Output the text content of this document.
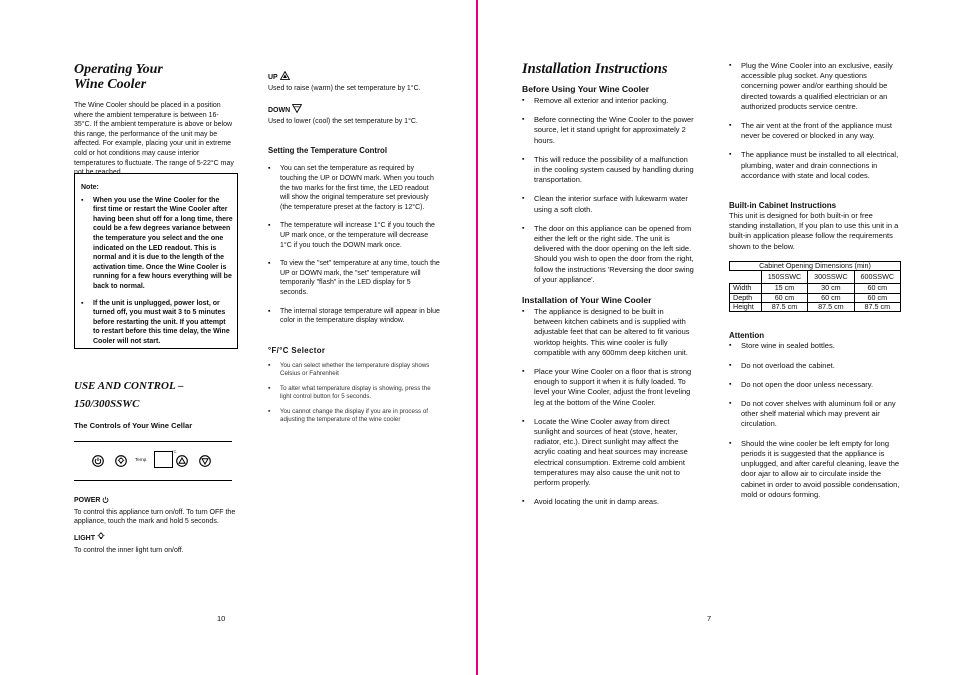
Operating Your
Wine Cooler

The Wine Cooler should be placed in a position where the ambient temperature is between 16-35°C. If the ambient temperature is above or below this range, the performance of the unit may be affected. For example, placing your unit in extreme cold or hot conditions may cause interior temperatures to fluctuate. The range of 5-22°C may not be reached.

Note:

▪ When you use the Wine Cooler for the first time or restart the Wine Cooler after having been shut off for a long time, there could be a few degrees variance between the temperature you select and the one indicated on the LED readout. This is normal and it is due to the length of the activation time. Once the Wine Cooler is running for a few hours everything will be back to normal.
▪ If the unit is unplugged, power lost, or turned off, you must wait 3 to 5 minutes before restarting the unit. If you attempt to restart before this time delay, the Wine Cooler will not start.
USE AND CONTROL –
150/300SSWC

The Controls of Your Wine Cellar

Temp.
°C

POWER

To control this appliance turn on/off. To turn OFF the appliance, touch the mark and hold 5 seconds.

LIGHT

To control the inner light turn on/off.

10

UP

Used to raise (warm) the set temperature by 1°C.

DOWN

Used to lower (cool) the set temperature by 1°C.

Setting the Temperature Control

▪ You can set the temperature as required by touching the UP or DOWN mark. When you touch the two marks for the first time, the LED readout will show the original temperature set previously (the temperature preset at the factory is 12°C).
▪ The temperature will increase 1°C if you touch the UP mark once, or the temperature will decrease 1°C if you touch the DOWN mark once.
▪ To view the "set" temperature at any time, touch the UP or DOWN mark, the "set" temperature will temporarily "flash" in the LED display for 5 seconds.
▪ The internal storage temperature will appear in blue color in the temperature display window.

°F/°C Selector

▪ You can select whether the temperature display shows Celsius or Fahrenheit
▪ To alter what temperature display is showing, press the light control button for 5 seconds.
▪ You cannot change the display if you are in process of adjusting the temperature of the wine cooler
Installation Instructions

Before Using Your Wine Cooler

▪ Remove all exterior and interior packing.
▪ Before connecting the Wine Cooler to the power source, let it stand upright for approximately 2 hours.
▪ This will reduce the possibility of a malfunction in the cooling system caused by handling during transportation.
▪ Clean the interior surface with lukewarm water using a soft cloth.
▪ The door on this appliance can be opened from either the left or the right side. The unit is delivered with the door opening on the left side. Should you wish to open the door from the right, follow the instructions 'Reversing the door swing of your appliance'.

Installation of Your Wine Cooler

▪ The appliance is designed to be built in between kitchen cabinets and is supplied with adjustable feet that can be altered to fit various worktop heights. This wine cooler is fully compatible with any 600mm deep kitchen unit.
▪ Place your Wine Cooler on a floor that is strong enough to support it when it is fully loaded. To level your Wine Cooler, adjust the front leveling leg at the bottom of the Wine Cooler.
▪ Locate the Wine Cooler away from direct sunlight and sources of heat (stove, heater, radiator, etc.). Direct sunlight may affect the acrylic coating and heat sources may increase electrical consumption. Extreme cold ambient temperatures may also cause the unit not to perform properly.
▪ Avoid locating the unit in damp areas.
7
▪ Plug the Wine Cooler into an exclusive, easily accessible plug socket. Any questions concerning power and/or earthing should be directed towards a qualified electrician or an authorized products service centre.
▪ The air vent at the front of the appliance must never be covered or blocked in any way.
▪ The appliance must be installed to all electrical, plumbing, water and drain connections in accordance with state and local codes.

Built-in Cabinet Instructions

This unit is designed for both built-in or free standing installation, If you plan to use this unit in a built-in application please follow the requirements shown to the below.

Cabinet Opening Dimensions (min)			
	150SSWC	300SSWC	600SSWC
Width	15 cm	30 cm	60 cm
Depth	60 cm	60 cm	60 cm
Height	87.5 cm	87.5 cm	87.5 cm

Attention

▪ Store wine in sealed bottles.
▪ Do not overload the cabinet.
▪ Do not open the door unless necessary.
▪ Do not cover shelves with aluminum foil or any other shelf material which may prevent air circulation.
▪ Should the wine cooler be left empty for long periods it is suggested that the appliance is unplugged, and after careful cleaning, leave the door ajar to allow air to circulate inside the cabinet in order to avoid possible condensation, mold or odours forming.
